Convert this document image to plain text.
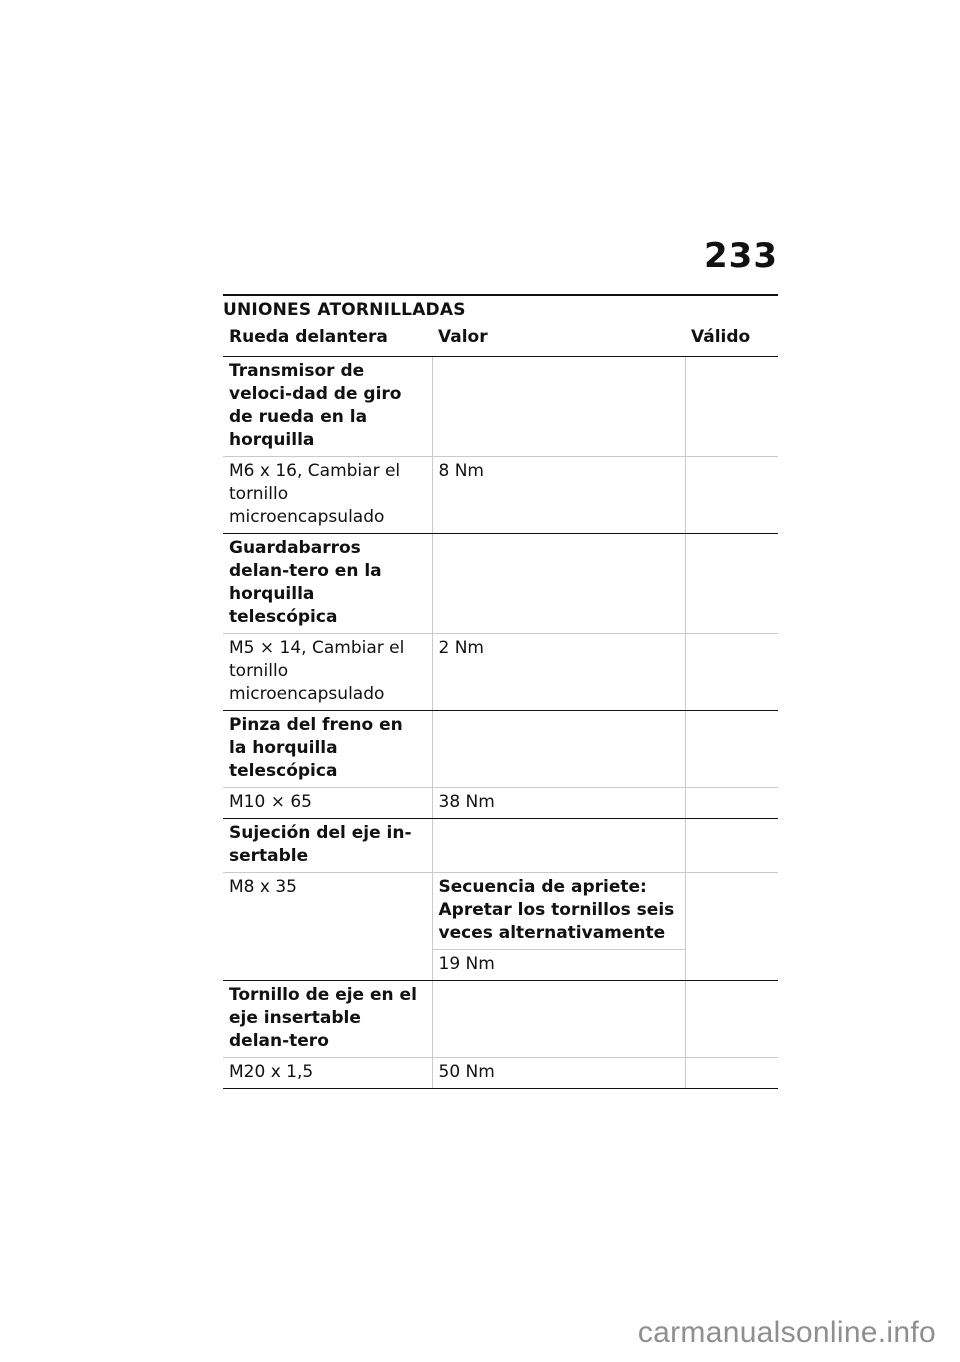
233
UNIONES ATORNILLADAS
Rueda delantera	Valor	Válido
Transmisor de veloci-dad de giro de rueda en la horquilla		
M6 x 16, Cambiar el tornillo microencapsulado	8 Nm	
Guardabarros delan-tero en la horquilla telescópica		
M5 × 14, Cambiar el tornillo microencapsulado	2 Nm	
Pinza del freno en la horquilla telescópica		
M10 × 65	38 Nm	
Sujeción del eje in-sertable		
M8 x 35	Secuencia de apriete: Apretar los tornillos seis veces alternativamente	
	19 Nm	
Tornillo de eje en el eje insertable delan-tero		
M20 x 1,5	50 Nm	
carmanualsonline.info
